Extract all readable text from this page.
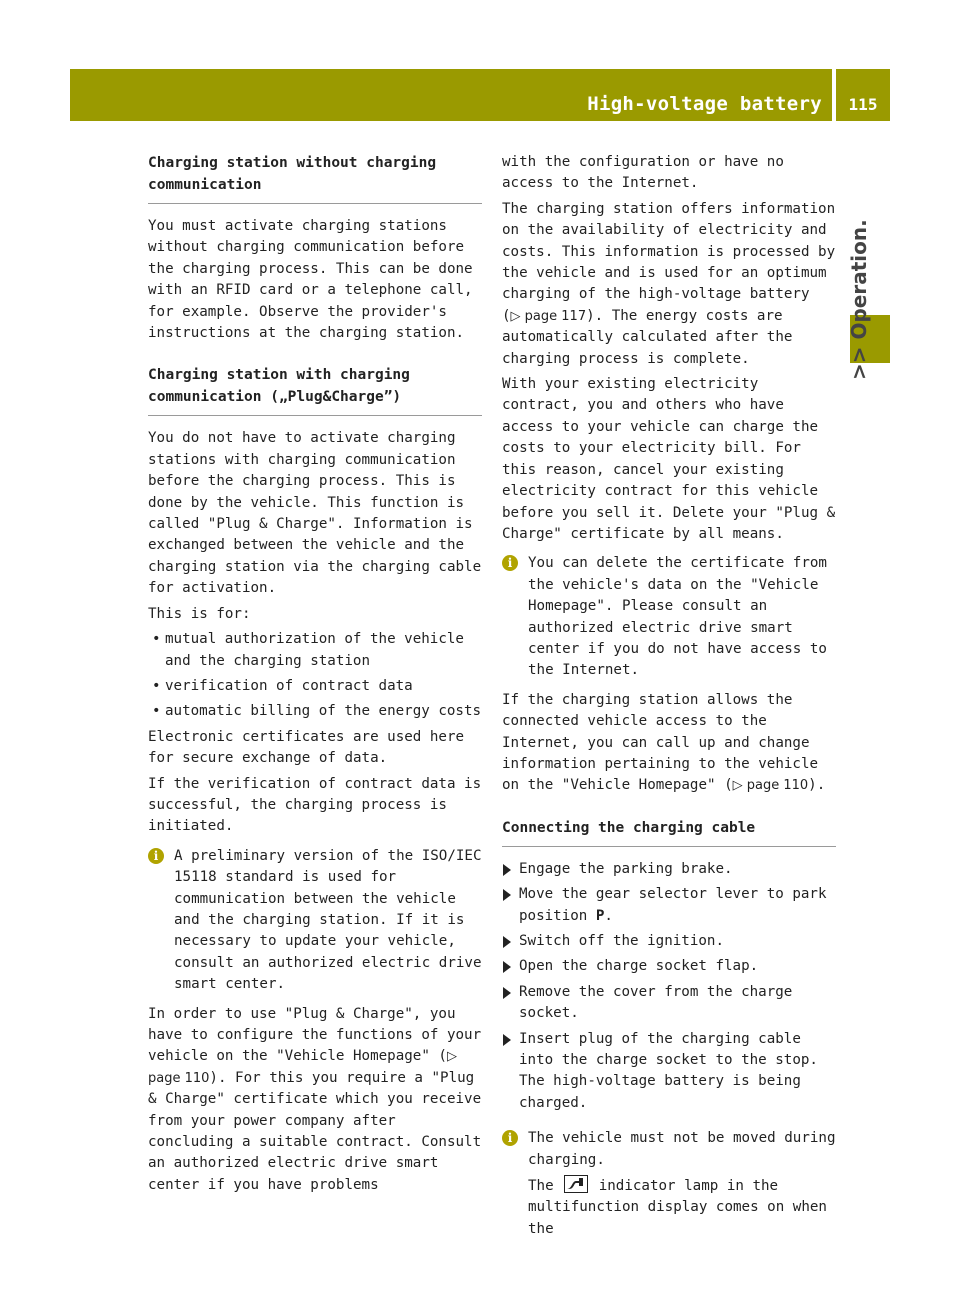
High-voltage battery	115
>> Operation.
Charging station without charging communication

You must activate charging stations without charging communication before the charging process. This can be done with an RFID card or a telephone call, for example. Observe the provider's instructions at the charging station.

Charging station with charging communication („Plug&Charge”)

You do not have to activate charging stations with charging communication before the charging process. This is done by the vehicle. This function is called "Plug & Charge". Information is exchanged between the vehicle and the charging station via the charging cable for activation.

This is for:

• mutual authorization of the vehicle and the charging station
• verification of contract data
• automatic billing of the energy costs

Electronic certificates are used here for secure exchange of data.

If the verification of contract data is successful, the charging process is initiated.

i	A preliminary version of the ISO/IEC 15118 standard is used for communication between the vehicle and the charging station. If it is necessary to update your vehicle, consult an authorized electric drive smart center.

In order to use "Plug & Charge", you have to configure the functions of your vehicle on the "Vehicle Homepage" (▷ page 110). For this you require a "Plug & Charge" certificate which you receive from your power company after concluding a suitable contract. Consult an authorized electric drive smart center if you have problems

with the configuration or have no access to the Internet.

The charging station offers information on the availability of electricity and costs. This information is processed by the vehicle and is used for an optimum charging of the high-voltage battery (▷ page 117). The energy costs are automatically calculated after the charging process is complete.

With your existing electricity contract, you and others who have access to your vehicle can charge the costs to your electricity bill. For this reason, cancel your existing electricity contract for this vehicle before you sell it. Delete your "Plug & Charge" certificate by all means.

i	You can delete the certificate from the vehicle's data on the "Vehicle Homepage". Please consult an authorized electric drive smart center if you do not have access to the Internet.

If the charging station allows the connected vehicle access to the Internet, you can call up and change information pertaining to the vehicle on the "Vehicle Homepage" (▷ page 110).

Connecting the charging cable
Engage the parking brake.
Move the gear selector lever to park position P.
Switch off the ignition.
Open the charge socket flap.
Remove the cover from the charge socket.
Insert plug of the charging cable into the charge socket to the stop.
The high-voltage battery is being charged.
i	The vehicle must not be moved during charging.
The
indicator lamp in the multifunction display comes on when the
